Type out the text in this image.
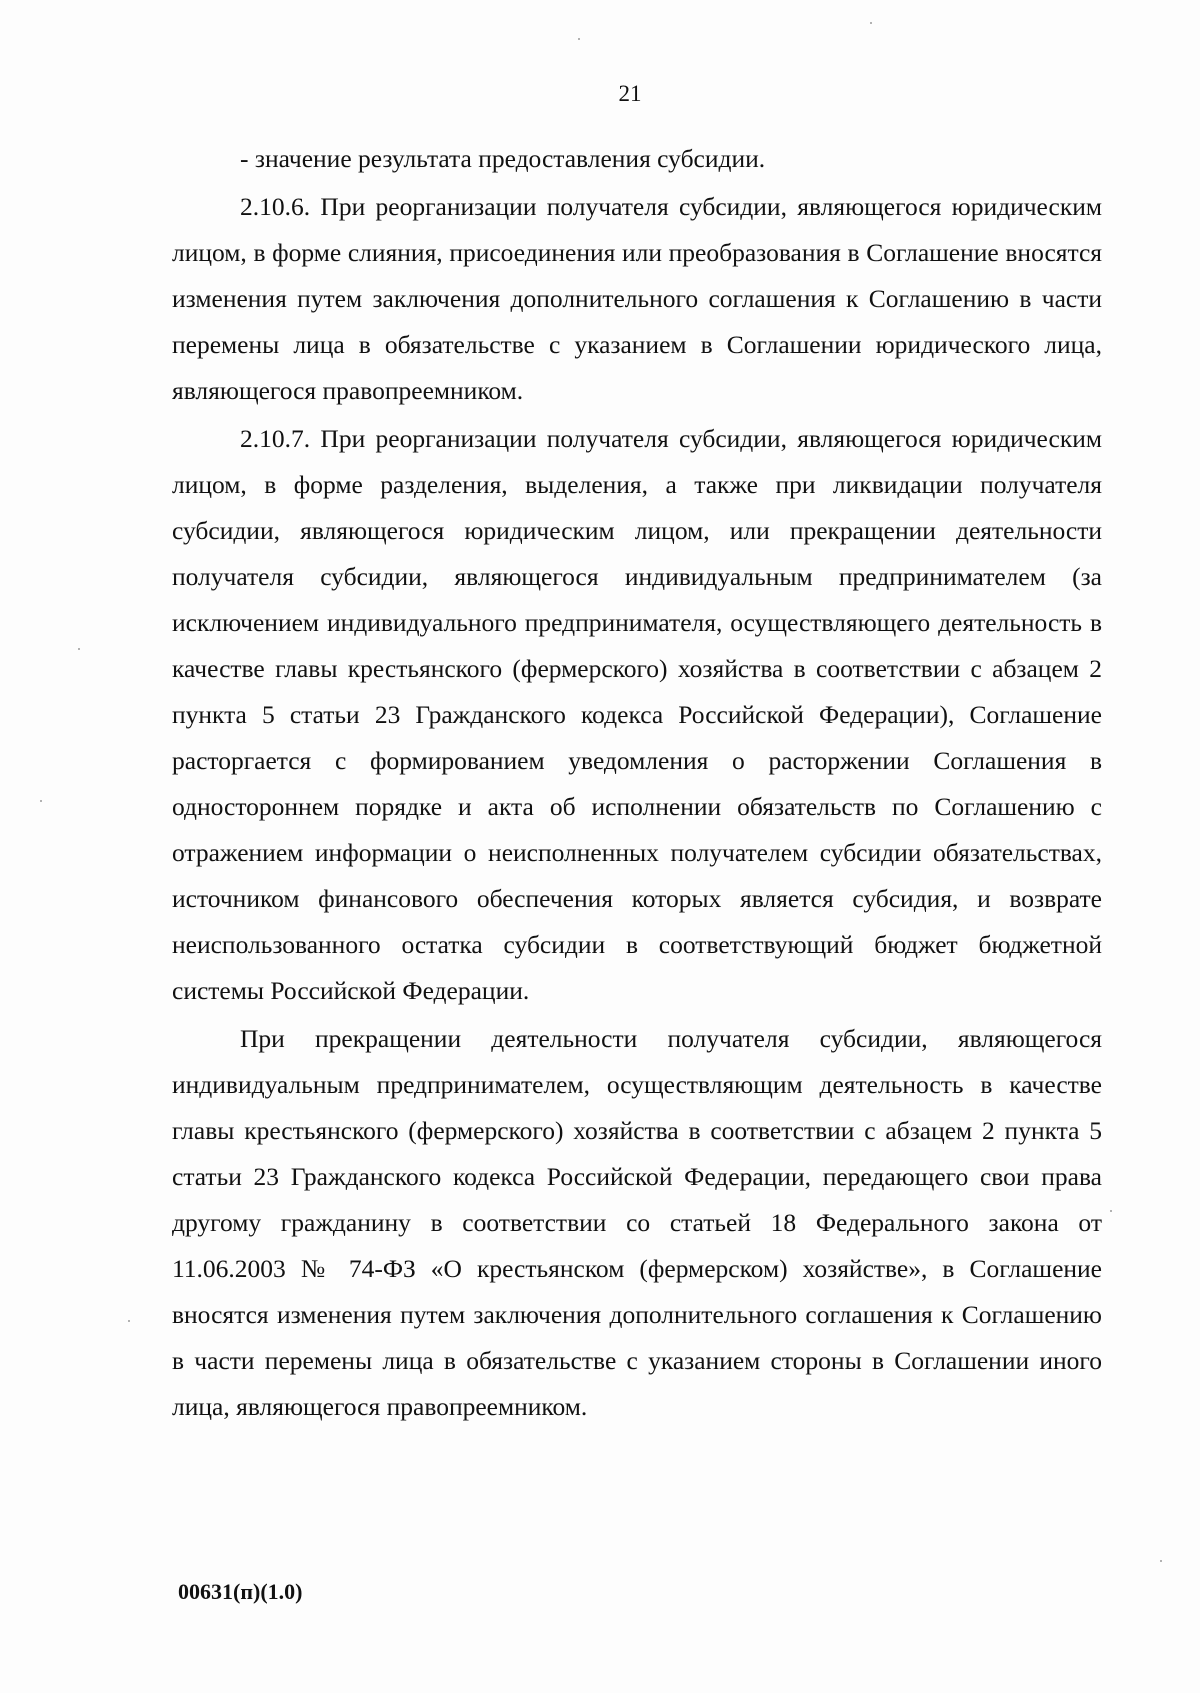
21

- значение результата предоставления субсидии.

2.10.6. При реорганизации получателя субсидии, являющегося юридическим лицом, в форме слияния, присоединения или преобразования в Соглашение вносятся изменения путем заключения дополнительного соглашения к Соглашению в части перемены лица в обязательстве с указанием в Соглашении юридического лица, являющегося правопреемником.

2.10.7. При реорганизации получателя субсидии, являющегося юридическим лицом, в форме разделения, выделения, а также при ликвидации получателя субсидии, являющегося юридическим лицом, или прекращении деятельности получателя субсидии, являющегося индивидуальным предпринимателем (за исключением индивидуального предпринимателя, осуществляющего деятельность в качестве главы крестьянского (фермерского) хозяйства в соответствии с абзацем 2 пункта 5 статьи 23 Гражданского кодекса Российской Федерации), Соглашение расторгается с формированием уведомления о расторжении Соглашения в одностороннем порядке и акта об исполнении обязательств по Соглашению с отражением информации о неисполненных получателем субсидии обязательствах, источником финансового обеспечения которых является субсидия, и возврате неиспользованного остатка субсидии в соответствующий бюджет бюджетной системы Российской Федерации.

При прекращении деятельности получателя субсидии, являющегося индивидуальным предпринимателем, осуществляющим деятельность в качестве главы крестьянского (фермерского) хозяйства в соответствии с абзацем 2 пункта 5 статьи 23 Гражданского кодекса Российской Федерации, передающего свои права другому гражданину в соответствии со статьей 18 Федерального закона от 11.06.2003 № 74-ФЗ «О крестьянском (фермерском) хозяйстве», в Соглашение вносятся изменения путем заключения дополнительного соглашения к Соглашению в части перемены лица в обязательстве с указанием стороны в Соглашении иного лица, являющегося правопреемником.

00631(п)(1.0)
